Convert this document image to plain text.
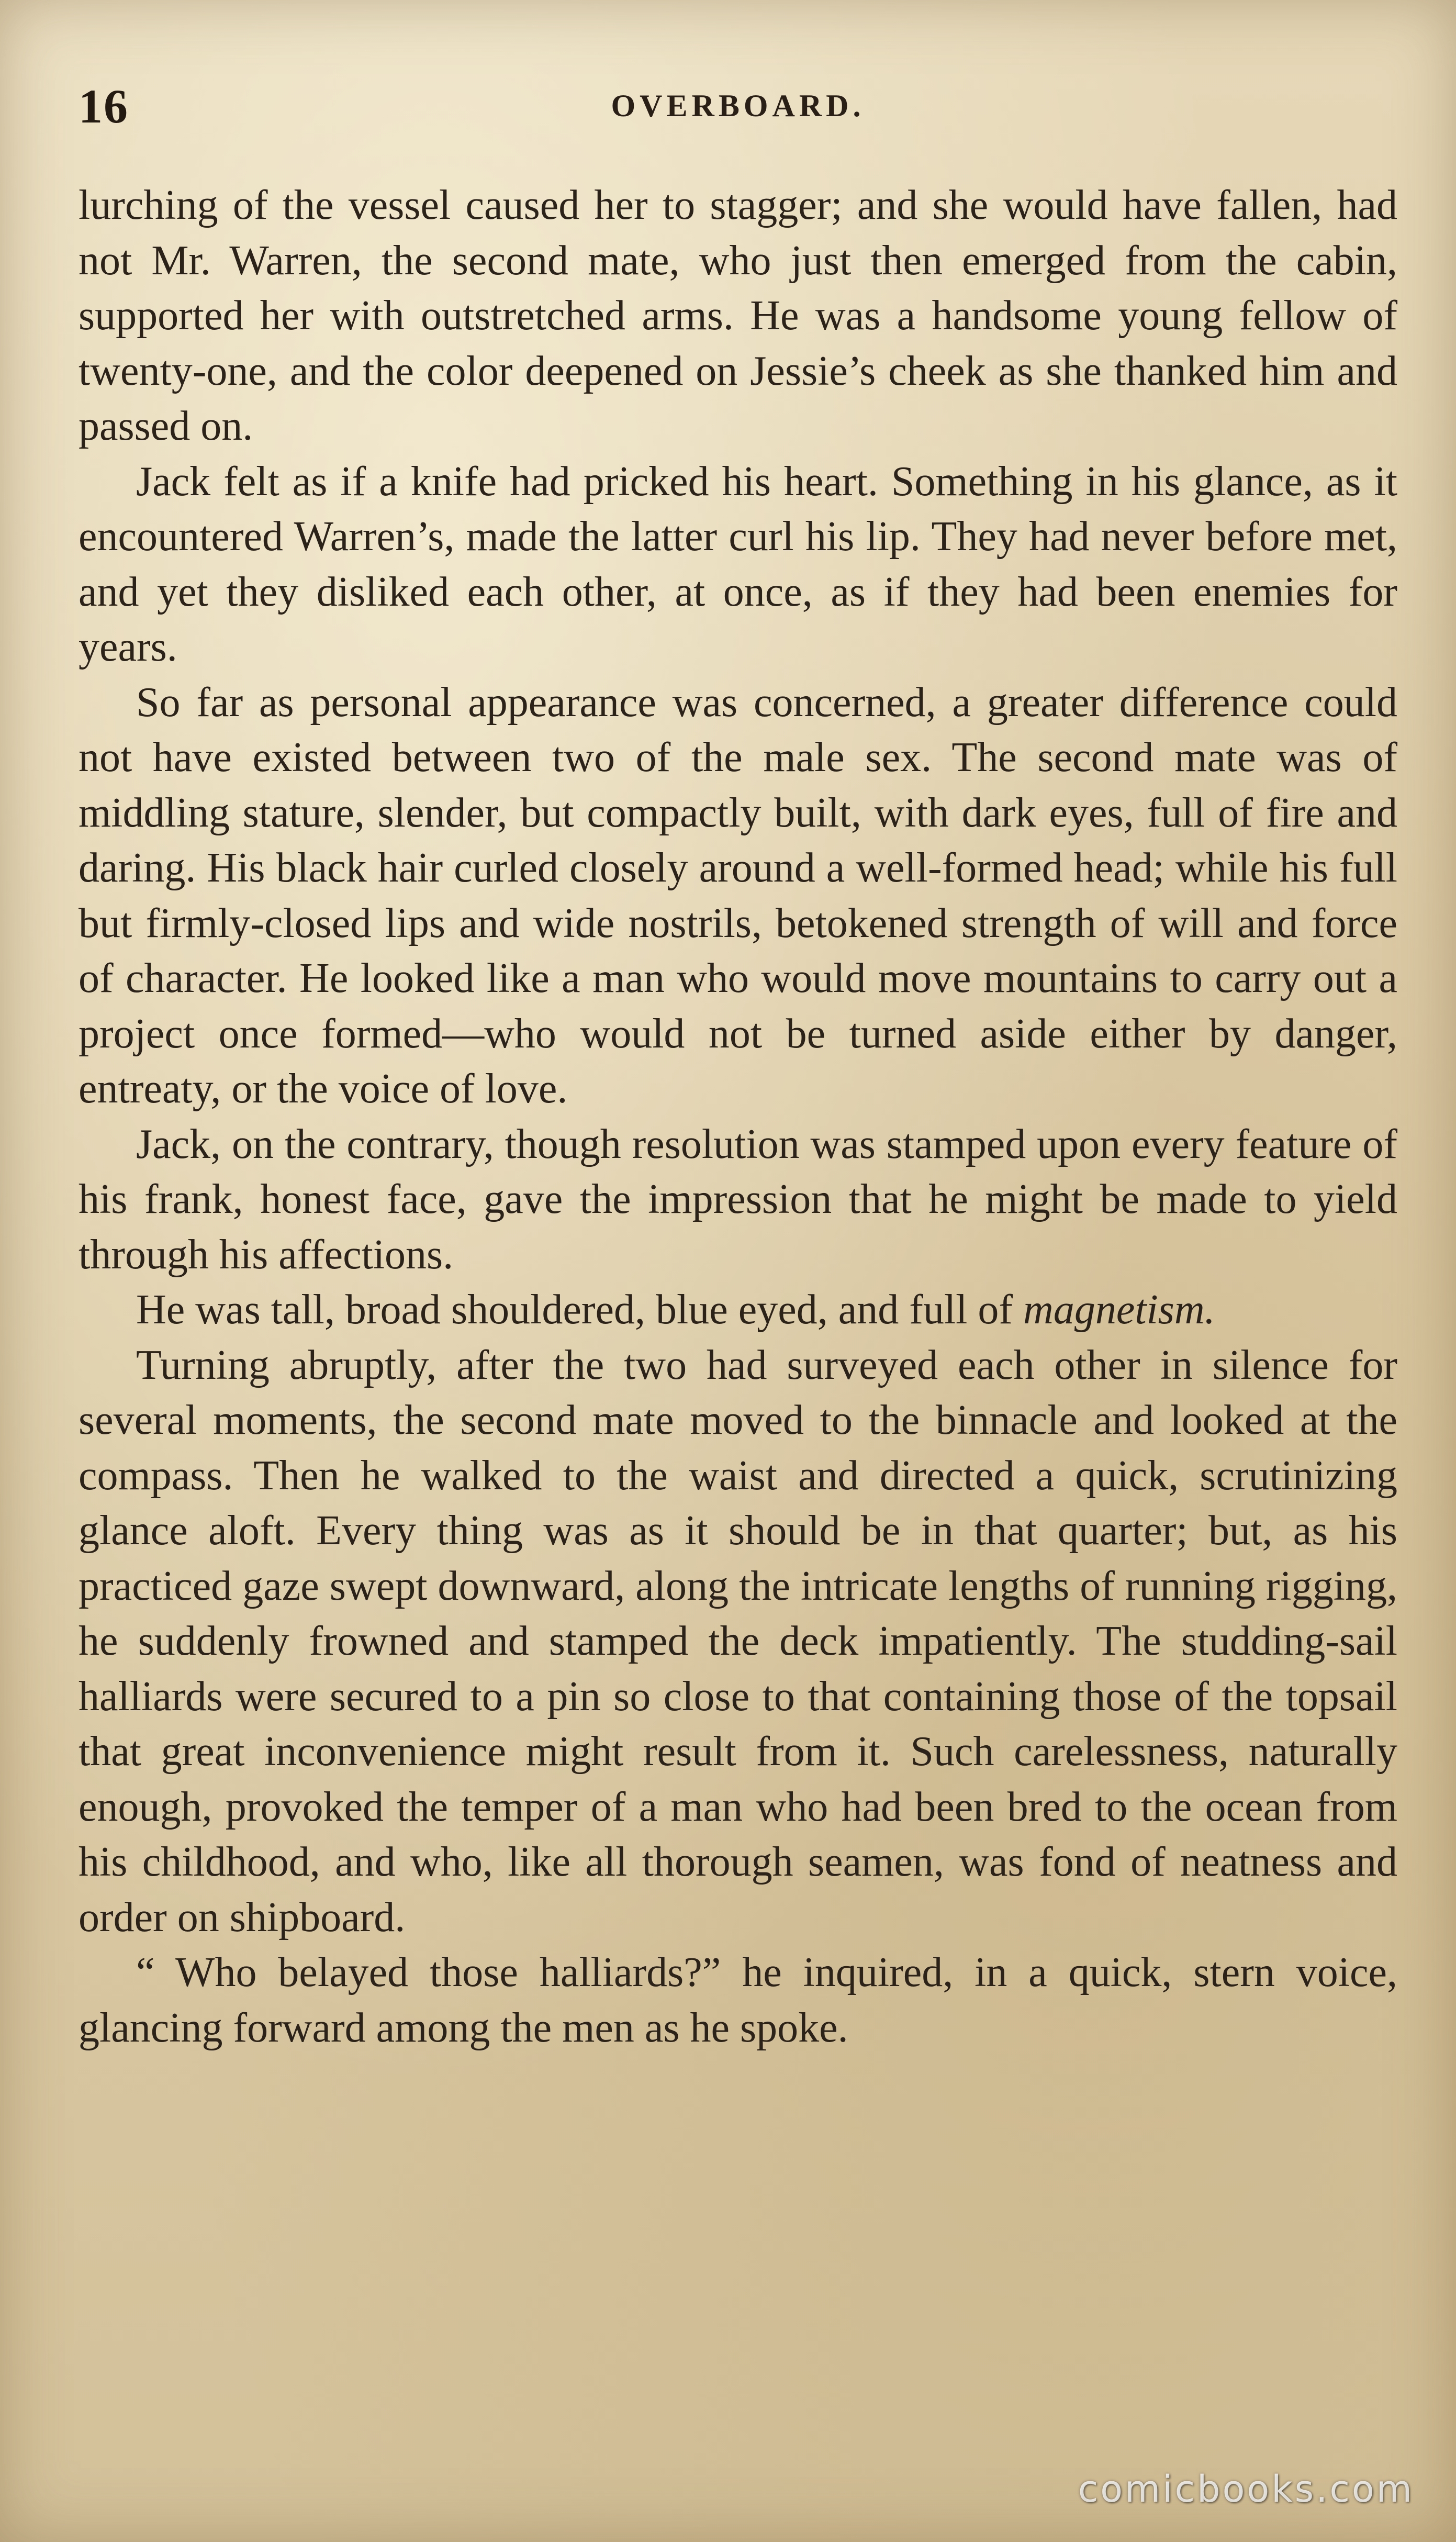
16	OVERBOARD.

lurching of the vessel caused her to stagger; and she would have fallen, had not Mr. Warren, the second mate, who just then emerged from the cabin, supported her with outstretched arms. He was a handsome young fellow of twenty-one, and the color deepened on Jessie’s cheek as she thanked him and passed on.

Jack felt as if a knife had pricked his heart. Something in his glance, as it encountered Warren’s, made the latter curl his lip. They had never before met, and yet they disliked each other, at once, as if they had been enemies for years.

So far as personal appearance was concerned, a greater difference could not have existed between two of the male sex. The second mate was of middling stature, slender, but compactly built, with dark eyes, full of fire and daring. His black hair curled closely around a well-formed head; while his full but firmly-closed lips and wide nostrils, betokened strength of will and force of character. He looked like a man who would move mountains to carry out a project once formed—who would not be turned aside either by danger, entreaty, or the voice of love.

Jack, on the contrary, though resolution was stamped upon every feature of his frank, honest face, gave the impression that he might be made to yield through his affections.

He was tall, broad shouldered, blue eyed, and full of magnetism.

Turning abruptly, after the two had surveyed each other in silence for several moments, the second mate moved to the binnacle and looked at the compass. Then he walked to the waist and directed a quick, scrutinizing glance aloft. Every thing was as it should be in that quarter; but, as his practiced gaze swept downward, along the intricate lengths of running rigging, he suddenly frowned and stamped the deck impatiently. The studding-sail halliards were secured to a pin so close to that containing those of the topsail that great inconvenience might result from it. Such carelessness, naturally enough, provoked the temper of a man who had been bred to the ocean from his childhood, and who, like all thorough seamen, was fond of neatness and order on shipboard.

“ Who belayed those halliards?” he inquired, in a quick, stern voice, glancing forward among the men as he spoke.

comicbooks.com
